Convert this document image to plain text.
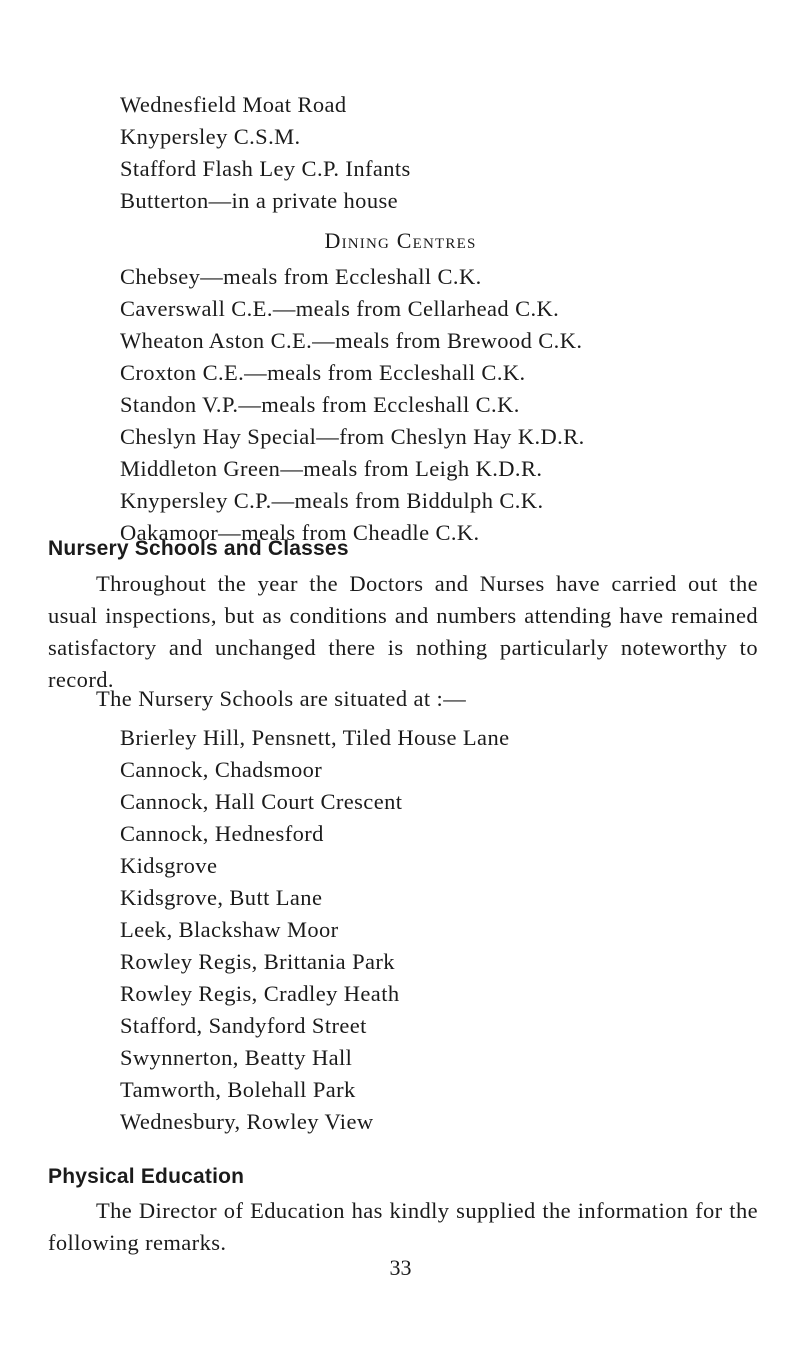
Wednesfield Moat Road
Knypersley C.S.M.
Stafford Flash Ley C.P. Infants
Butterton—in a private house
Dining Centres
Chebsey—meals from Eccleshall C.K.
Caverswall C.E.—meals from Cellarhead C.K.
Wheaton Aston C.E.—meals from Brewood C.K.
Croxton C.E.—meals from Eccleshall C.K.
Standon V.P.—meals from Eccleshall C.K.
Cheslyn Hay Special—from Cheslyn Hay K.D.R.
Middleton Green—meals from Leigh K.D.R.
Knypersley C.P.—meals from Biddulph C.K.
Oakamoor—meals from Cheadle C.K.
Nursery Schools and Classes
Throughout the year the Doctors and Nurses have carried out the usual inspections, but as conditions and numbers attending have remained satisfactory and unchanged there is nothing particularly noteworthy to record.
The Nursery Schools are situated at :—
Brierley Hill, Pensnett, Tiled House Lane
Cannock, Chadsmoor
Cannock, Hall Court Crescent
Cannock, Hednesford
Kidsgrove
Kidsgrove, Butt Lane
Leek, Blackshaw Moor
Rowley Regis, Brittania Park
Rowley Regis, Cradley Heath
Stafford, Sandyford Street
Swynnerton, Beatty Hall
Tamworth, Bolehall Park
Wednesbury, Rowley View
Physical Education
The Director of Education has kindly supplied the information for the following remarks.
33
